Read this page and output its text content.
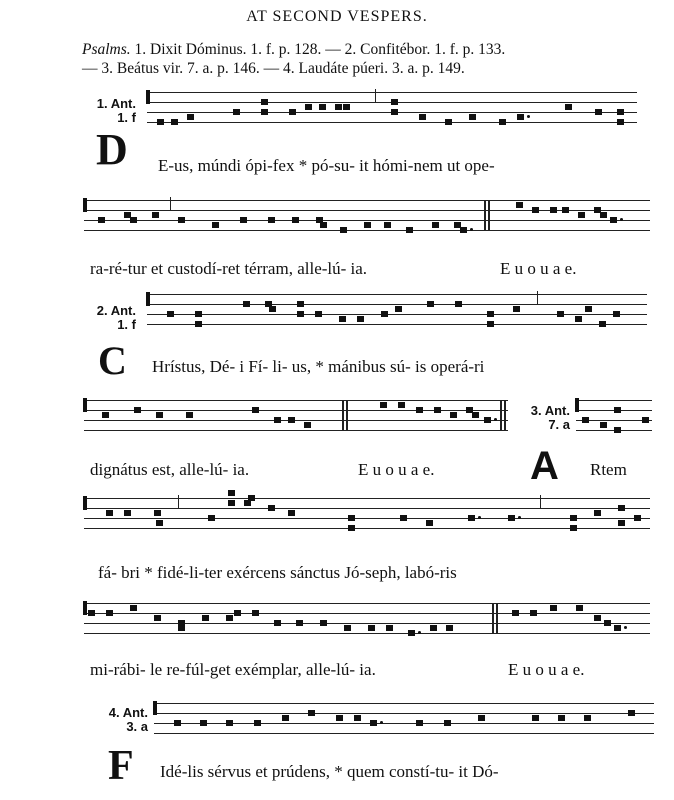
AT SECOND VESPERS.
Psalms. 1. Dixit Dóminus. 1. f. p. 128. — 2. Confitébor. 1. f. p. 133.
— 3. Beátus vir. 7. a. p. 146. — 4. Laudáte púeri. 3. a. p. 149.
1. Ant.
1. f
D E-us, múndi ópi-fex * pó-su- it hómi-nem ut ope-
ra-ré-tur et custodí-ret térram, alle-lú- ia.	E u o u a e.
2. Ant.
1. f
C Hrístus, Dé- i Fí- li- us, * mánibus sú- is operá-ri
dignátus est, alle-lú- ia.	E u o u a e.
3. Ant.
7. a
A Rtem
fá- bri * fidé-li-ter exércens sánctus Jó-seph, labó-ris
mi-rábi- le re-fúl-get exémplar, alle-lú- ia.	E u o u a e.
4. Ant.
3. a
F Idé-lis sérvus et prúdens, * quem constí-tu- it Dó-
